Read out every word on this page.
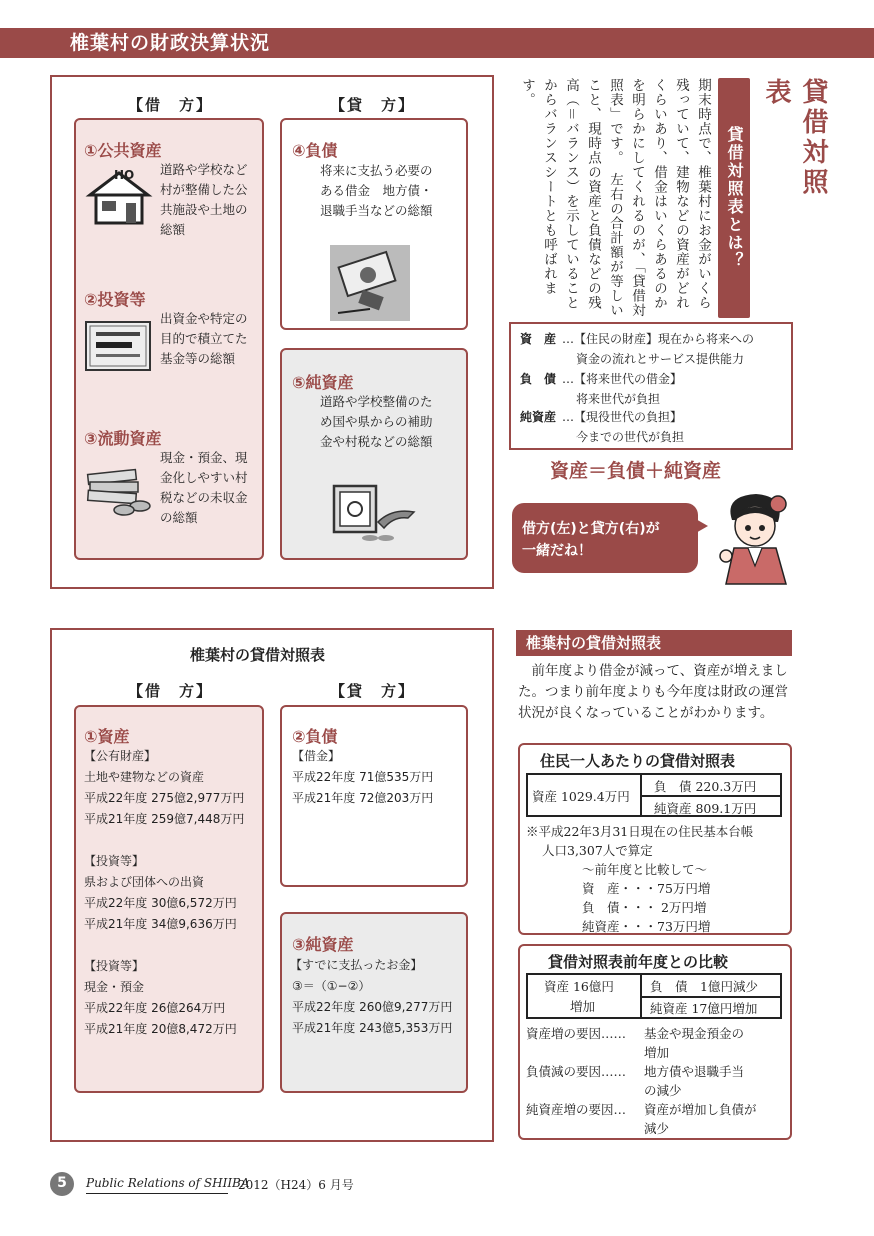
椎葉村の財政決算状況
【借　方】	【貸　方】
①公共資産
HO 道路や学校など村が整備した公共施設や土地の総額
②投資等
出資金や特定の目的で積立てた基金等の総額
③流動資産
現金・預金、現金化しやすい村税などの未収金の総額
④負債
将来に支払う必要のある借金　地方債・退職手当などの総額
⑤純資産
道路や学校整備のため国や県からの補助金や村税などの総額
貸借対照表
貸借対照表とは？
期末時点で、椎葉村にお金がいくら残っていて、建物などの資産がどれくらいあり、借金はいくらあるのかを明らかにしてくれるのが、「貸借対照表」です。　左右の合計額が等しいこと、現時点の資産と負債などの残高（＝バランス）を示していることからバランスシートとも呼ばれます。
資　産 …【住民の財産】現在から将来への
資金の流れとサービス提供能力
負　債 …【将来世代の借金】
将来世代が負担
純資産 …【現役世代の負担】
今までの世代が負担
資産＝負債＋純資産
借方(左)と貸方(右)が
一緒だね！
椎葉村の貸借対照表
【借　方】	【貸　方】
①資産
【公有財産】
土地や建物などの資産
平成22年度 275億2,977万円
平成21年度 259億7,448万円
【投資等】
県および団体への出資
平成22年度 30億6,572万円
平成21年度 34億9,636万円
【投資等】
現金・預金
平成22年度 26億264万円
平成21年度 20億8,472万円
②負債
【借金】
平成22年度 71億535万円
平成21年度 72億203万円
③純資産
【すでに支払ったお金】
③＝（①−②）
平成22年度 260億9,277万円
平成21年度 243億5,353万円
椎葉村の貸借対照表
前年度より借金が減って、資産が増えました。つまり前年度よりも今年度は財政の運営状況が良くなっていることがわかります。
住民一人あたりの貸借対照表
資産 1029.4万円
負　債 220.3万円
純資産 809.1万円
※平成22年3月31日現在の住民基本台帳
人口3,307人で算定
～前年度と比較して～
資　産・・・75万円増
負　債・・・ 2万円増
純資産・・・73万円増
貸借対照表前年度との比較
資産 16億円
増加
負　債　1億円減少
純資産 17億円増加
資産増の要因…… 基金や現金預金の
増加
負債減の要因…… 地方債や退職手当
の減少
純資産増の要因… 資産が増加し負債が
減少
5	Public Relations of SHIIBA
2012（H24）6 月号
